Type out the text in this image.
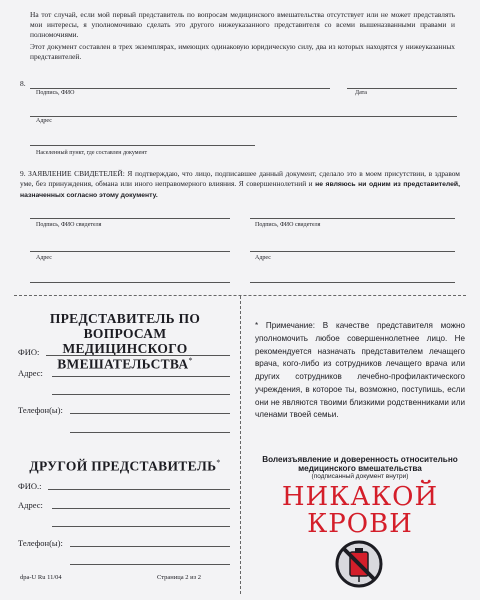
На тот случай, если мой первый представитель по вопросам медицинского вмешательства отсутствует или не может представлять мои интересы, я уполномочиваю сделать это другого нижеуказанного представителя со всеми вышеназванными правами и полномочиями.

Этот документ составлен в трех экземплярах, имеющих одинаковую юридическую силу, два из которых находятся у нижеуказанных представителей.

8.
Подпись, ФИО	Дата
Адрес
Населенный пункт, где составлен документ
9. ЗАЯВЛЕНИЕ СВИДЕТЕЛЕЙ: Я подтверждаю, что лицо, подписавшее данный документ, сделало это в моем присутствии, в здравом уме, без принуждения, обмана или иного неправомерного влияния. Я совершеннолетний и не являюсь ни одним из представителей, назначенных согласно этому документу.
Подпись, ФИО свидетеля	Подпись, ФИО свидетеля
Адрес	Адрес
ПРЕДСТАВИТЕЛЬ ПО ВОПРОСАМ
МЕДИЦИНСКОГО ВМЕШАТЕЛЬСТВА*
ФИО:
Адрес:
Телефон(ы):
ДРУГОЙ ПРЕДСТАВИТЕЛЬ*
ФИО.:
Адрес:
Телефон(ы):
dpa-U Ru 11/04	Страница 2 из 2
* Примечание: В качестве представителя можно уполномочить любое совершеннолетнее лицо. Не рекомендуется назначать представителем лечащего врача, кого-либо из сотрудников лечащего врача или других сотрудников лечебно-профилактического учреждения, в которое ты, возможно, поступишь, если они не являются твоими близкими родственниками или членами твоей семьи.
Волеизъявление и доверенность относительно медицинского вмешательства
(подписанный документ внутри)
НИКАКОЙ
КРОВИ
